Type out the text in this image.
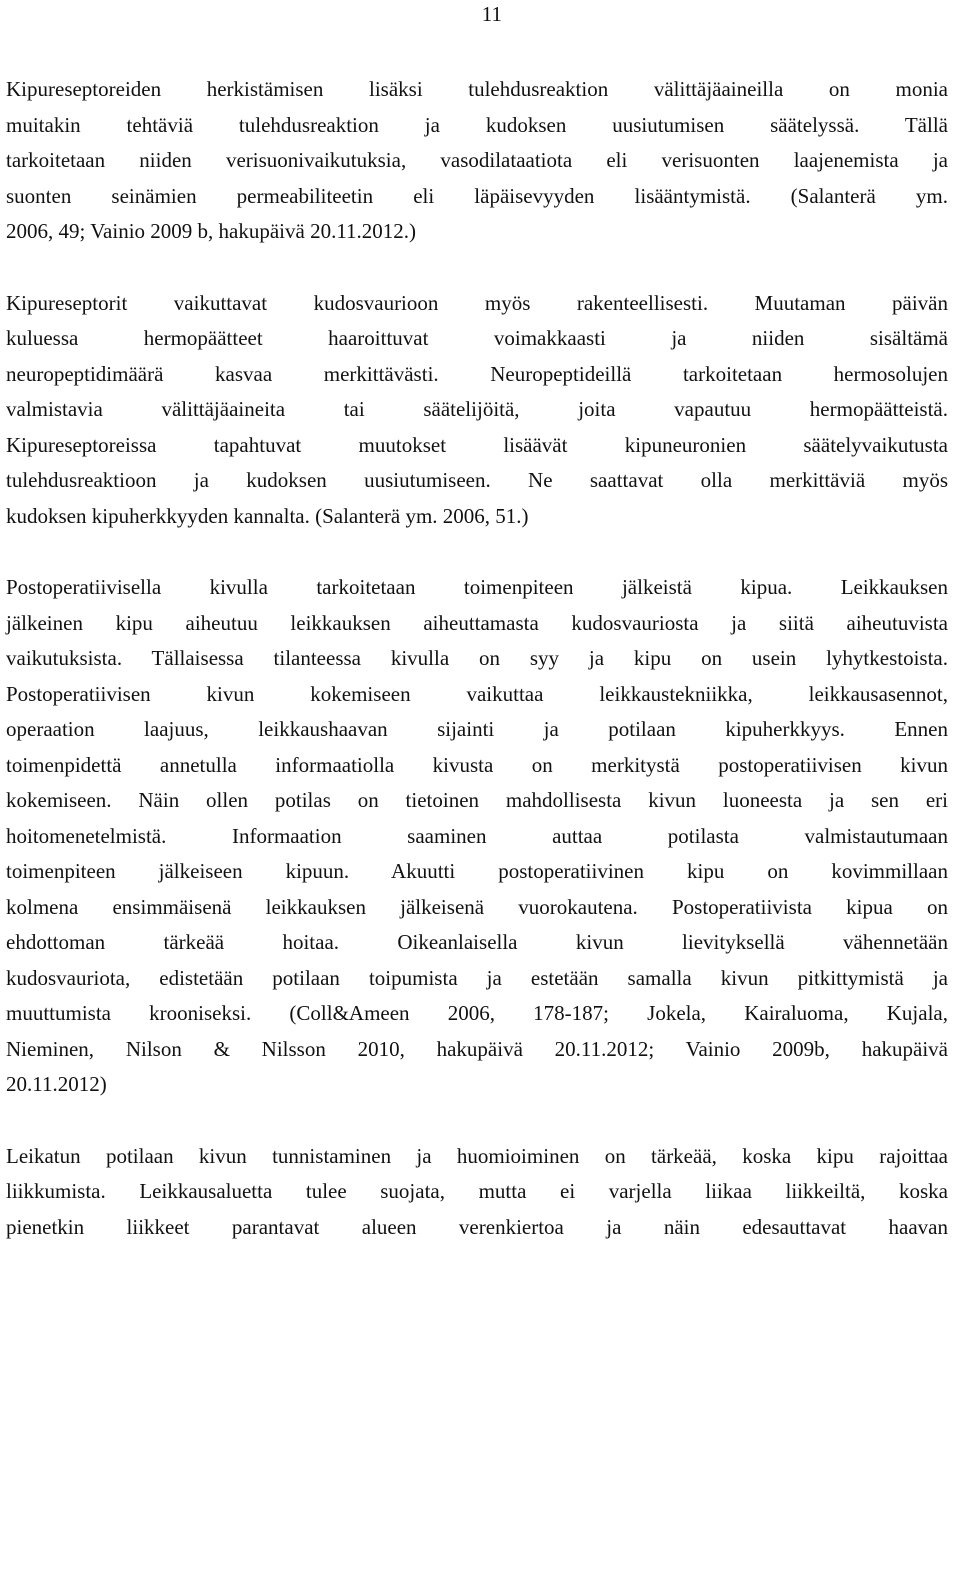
11
Kipureseptoreiden herkistämisen lisäksi tulehdusreaktion välittäjäaineilla on monia
muitakin tehtäviä tulehdusreaktion ja kudoksen uusiutumisen säätelyssä. Tällä
tarkoitetaan niiden verisuonivaikutuksia, vasodilataatiota eli verisuonten laajenemista ja
suonten seinämien permeabiliteetin eli läpäisevyyden lisääntymistä. (Salanterä ym.
2006, 49; Vainio 2009 b, hakupäivä 20.11.2012.)
Kipureseptorit vaikuttavat kudosvaurioon myös rakenteellisesti. Muutaman päivän
kuluessa hermopäätteet haaroittuvat voimakkaasti ja niiden sisältämä
neuropeptidimäärä kasvaa merkittävästi. Neuropeptideillä tarkoitetaan hermosolujen
valmistavia välittäjäaineita tai säätelijöitä, joita vapautuu hermopäätteistä.
Kipureseptoreissa tapahtuvat muutokset lisäävät kipuneuronien säätelyvaikutusta
tulehdusreaktioon ja kudoksen uusiutumiseen. Ne saattavat olla merkittäviä myös
kudoksen kipuherkkyyden kannalta. (Salanterä ym. 2006, 51.)
Postoperatiivisella kivulla tarkoitetaan toimenpiteen jälkeistä kipua. Leikkauksen
jälkeinen kipu aiheutuu leikkauksen aiheuttamasta kudosvauriosta ja siitä aiheutuvista
vaikutuksista. Tällaisessa tilanteessa kivulla on syy ja kipu on usein lyhytkestoista.
Postoperatiivisen kivun kokemiseen vaikuttaa leikkaustekniikka, leikkausasennot,
operaation laajuus, leikkaushaavan sijainti ja potilaan kipuherkkyys. Ennen
toimenpidettä annetulla informaatiolla kivusta on merkitystä postoperatiivisen kivun
kokemiseen. Näin ollen potilas on tietoinen mahdollisesta kivun luoneesta ja sen eri
hoitomenetelmistä. Informaation saaminen auttaa potilasta valmistautumaan
toimenpiteen jälkeiseen kipuun. Akuutti postoperatiivinen kipu on kovimmillaan
kolmena ensimmäisenä leikkauksen jälkeisenä vuorokautena. Postoperatiivista kipua on
ehdottoman tärkeää hoitaa. Oikeanlaisella kivun lievityksellä vähennetään
kudosvauriota, edistetään potilaan toipumista ja estetään samalla kivun pitkittymistä ja
muuttumista krooniseksi. (Coll&Ameen 2006, 178-187; Jokela, Kairaluoma, Kujala,
Nieminen, Nilson & Nilsson 2010, hakupäivä 20.11.2012; Vainio 2009b, hakupäivä
20.11.2012)
Leikatun potilaan kivun tunnistaminen ja huomioiminen on tärkeää, koska kipu rajoittaa
liikkumista. Leikkausaluetta tulee suojata, mutta ei varjella liikaa liikkeiltä, koska
pienetkin liikkeet parantavat alueen verenkiertoa ja näin edesauttavat haavan
